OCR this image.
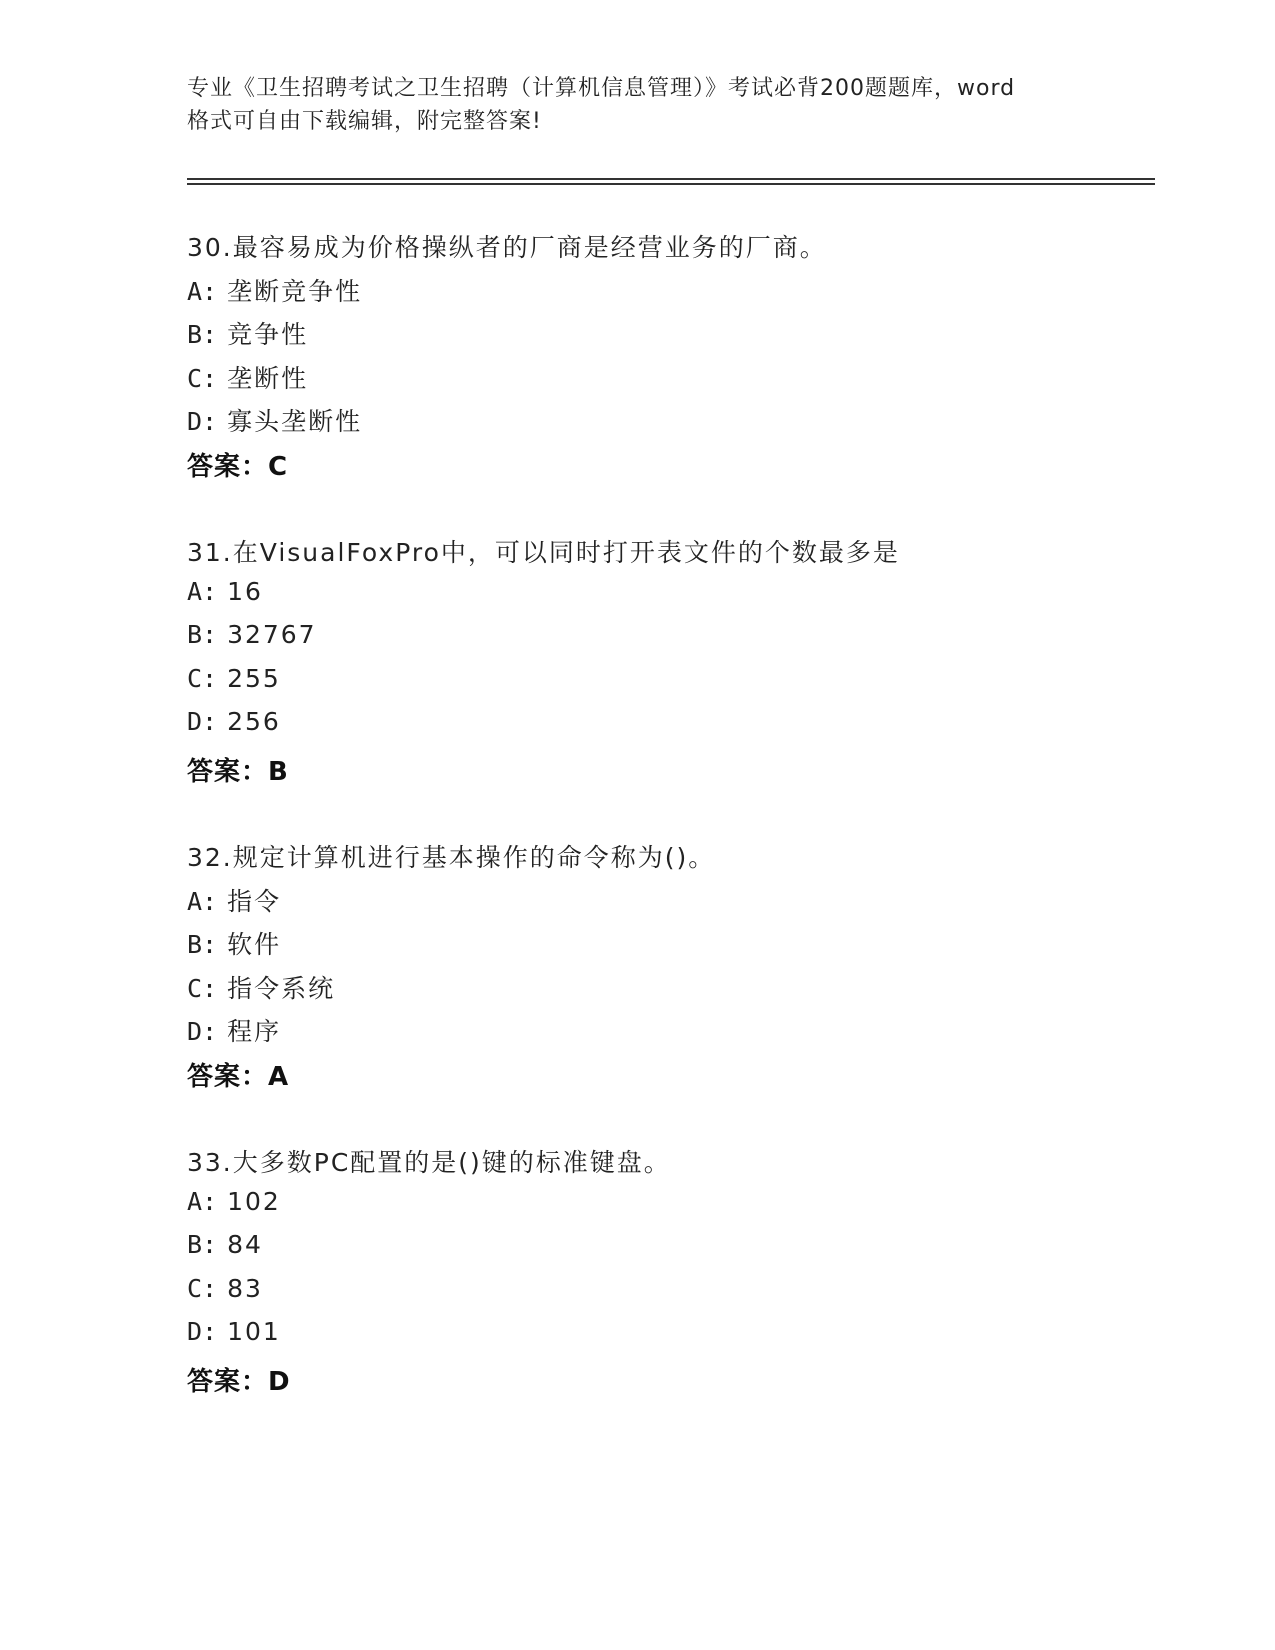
专业《卫生招聘考试之卫生招聘（计算机信息管理）》考试必背200题题库，word
格式可自由下载编辑，附完整答案!
30.最容易成为价格操纵者的厂商是经营业务的厂商。
A: 垄断竞争性
B: 竞争性
C: 垄断性
D: 寡头垄断性
答案：C
31.在VisualFoxPro中，可以同时打开表文件的个数最多是
A: 16
B: 32767
C: 255
D: 256
答案：B
32.规定计算机进行基本操作的命令称为()。
A: 指令
B: 软件
C: 指令系统
D: 程序
答案：A
33.大多数PC配置的是()键的标准键盘。
A: 102
B: 84
C: 83
D: 101
答案：D
